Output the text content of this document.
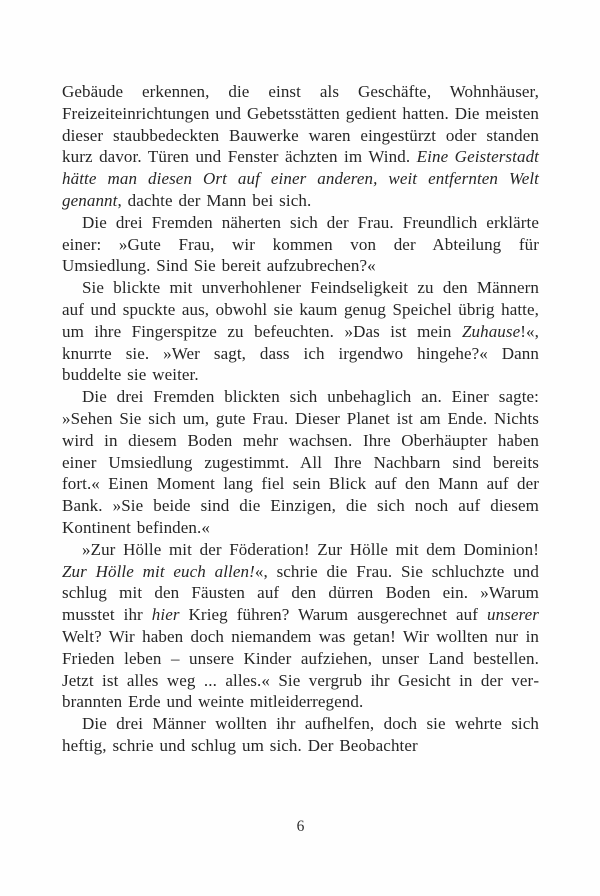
Gebäude erkennen, die einst als Geschäfte, Wohnhäuser, Freizeiteinrichtungen und Gebetsstätten gedient hatten. Die meisten dieser staubbedeckten Bauwerke waren eingestürzt oder standen kurz davor. Türen und Fenster ächzten im Wind. Eine Geisterstadt hätte man diesen Ort auf einer anderen, weit entfernten Welt genannt, dachte der Mann bei sich.

Die drei Fremden näherten sich der Frau. Freundlich erklärte einer: »Gute Frau, wir kommen von der Abteilung für Umsiedlung. Sind Sie bereit aufzubrechen?«

Sie blickte mit unverhohlener Feindseligkeit zu den Männern auf und spuckte aus, obwohl sie kaum genug Speichel übrig hatte, um ihre Fingerspitze zu befeuchten. »Das ist mein Zuhause!«, knurrte sie. »Wer sagt, dass ich irgendwo hingehe?« Dann buddelte sie weiter.

Die drei Fremden blickten sich unbehaglich an. Einer sagte: »Sehen Sie sich um, gute Frau. Dieser Planet ist am Ende. Nichts wird in diesem Boden mehr wachsen. Ihre Oberhäupter haben einer Umsiedlung zugestimmt. All Ihre Nachbarn sind bereits fort.« Einen Moment lang fiel sein Blick auf den Mann auf der Bank. »Sie beide sind die Einzigen, die sich noch auf diesem Kontinent befinden.«

»Zur Hölle mit der Föderation! Zur Hölle mit dem Dominion! Zur Hölle mit euch allen!«, schrie die Frau. Sie schluchzte und schlug mit den Fäusten auf den dürren Boden ein. »Warum musstet ihr hier Krieg führen? Warum ausgerechnet auf unserer Welt? Wir haben doch niemandem was getan! Wir wollten nur in Frieden leben – unsere Kinder aufziehen, unser Land bestellen. Jetzt ist alles weg ... alles.« Sie vergrub ihr Gesicht in der verbrannten Erde und weinte mitleiderregend.

Die drei Männer wollten ihr aufhelfen, doch sie wehrte sich heftig, schrie und schlug um sich. Der Beobachter

6
